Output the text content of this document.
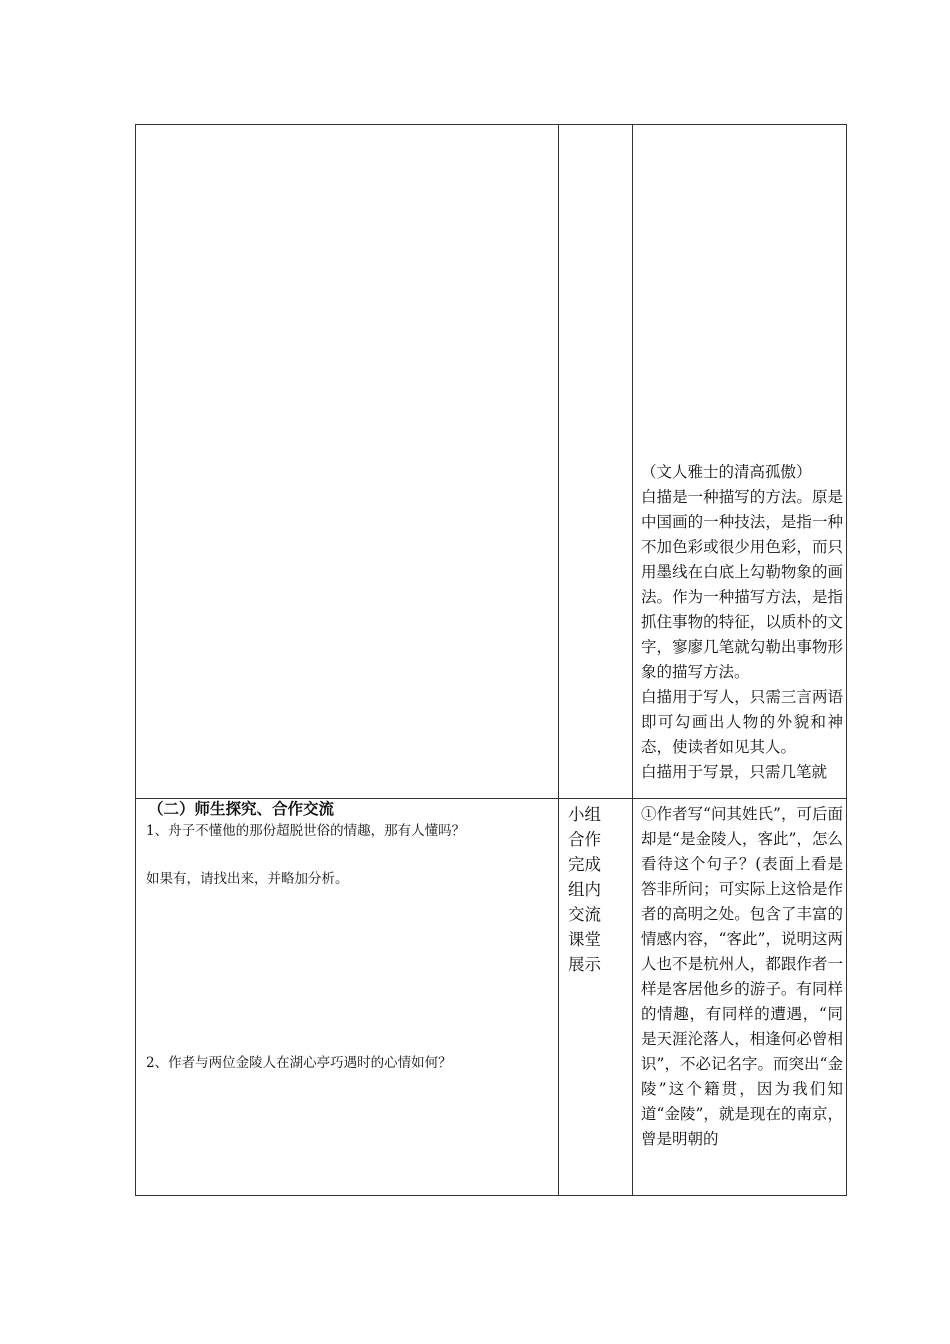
（文人雅士的清高孤傲）

白描是一种描写的方法。原是中国画的一种技法，是指一种不加色彩或很少用色彩，而只用墨线在白底上勾勒物象的画法。作为一种描写方法，是指抓住事物的特征，以质朴的文字，寥廖几笔就勾勒出事物形象的描写方法。

白描用于写人，只需三言两语即可勾画出人物的外貌和神态，使读者如见其人。

白描用于写景，只需几笔就

（二）师生探究、合作交流
1、舟子不懂他的那份超脱世俗的情趣，那有人懂吗？
如果有，请找出来，并略加分析。
2、作者与两位金陵人在湖心亭巧遇时的心情如何？
小组
合作
完成
组内
交流
课堂
展示

①作者写“问其姓氏”，可后面却是“是金陵人，客此”，怎么看待这个句子？(表面上看是答非所问；可实际上这恰是作者的高明之处。包含了丰富的情感内容，“客此”，说明这两人也不是杭州人，都跟作者一样是客居他乡的游子。有同样的情趣，有同样的遭遇，“同是天涯沦落人，相逢何必曾相识”，不必记名字。而突出“金陵”这个籍贯，因为我们知道“金陵”，就是现在的南京，曾是明朝的
